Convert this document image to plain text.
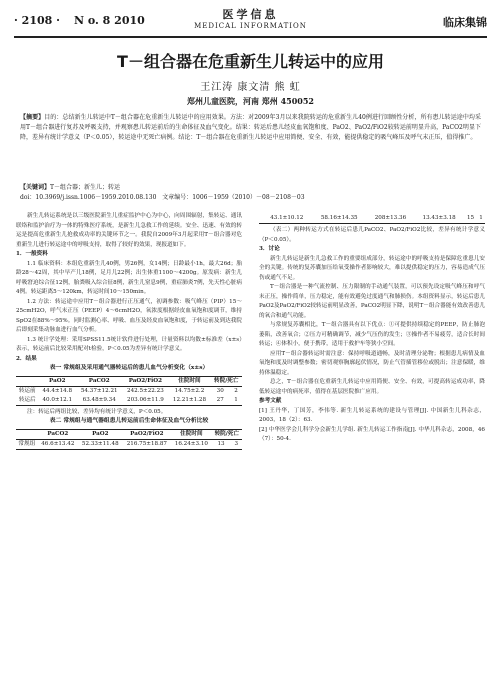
· 2108 · N o. 8 2010	医学信息
MEDICAL INFORMATION	临床集锦
T－组合器在危重新生儿转运中的应用
王江涛 康文清 熊 虹
郑州儿童医院，河南 郑州 450052
【摘要】目的：总结新生儿转运中T－组合器在危重新生儿转运中的应用效果。方法：对2009年3月以来我院转运的危重新生儿40例进行回顾性分析，所有患儿转运途中均采用T－组合器进行复苏及呼吸支持，并观察患儿转运前后的生命体征及血气变化。结果：转运后患儿经皮血氧饱和度、PaO2、PaO2/FiO2较转运前明显升高，PaCO2明显下降，差异有统计学意义（P＜0.05），转运途中无死亡病例。结论：T－组合器在危重新生儿转运中应用简便、安全、有效，能提供稳定的吸气峰压及呼气末正压，值得推广。
【关键词】T－组合器；新生儿；转运
doi：10.3969/j.issn.1006－1959.2010.08.130 文章编号：1006－1959（2010）－08－2108－03

新生儿转运系统是以三级医院新生儿重症监护中心为中心，向周围辐射，集转运、通讯联络和监护治疗为一体的特殊医疗系统，是新生儿急救工作的延续。安全、迅速、有效的转运是提高危重新生儿抢救成功率的关键环节之一。我院自2009年3月起采用T－组合器对危重新生儿进行转运途中的呼吸支持，取得了较好的效果，现报道如下。

1．一般资料

1.1 临床资料：本组危重新生儿40例，男26例，女14例；日龄最小1h，最大26d；胎龄28～42周，其中早产儿18例，足月儿22例；出生体重1100～4200g。原发病：新生儿呼吸窘迫综合征12例，胎粪吸入综合征8例，新生儿窒息9例，重症肺炎7例，先天性心脏病4例。转运距离5～120km，转运时间10～150min。

1.2 方法：转运途中应用T－组合器进行正压通气，初调参数：吸气峰压（PIP）15～25cmH2O，呼气末正压（PEEP）4～6cmH2O，氧浓度根据经皮血氧饱和度调节，维持SpO2在88%～95%。同时监测心率、呼吸、血压及经皮血氧饱和度，于转运前及到达我院后即刻采集动脉血进行血气分析。

1.3 统计学处理：采用SPSS11.5统计软件进行处理，计量资料以均数±标准差（x±s）表示，转运前后比较采用配对t检验，P＜0.05为差异有统计学意义。

2．结果

表一 常规组及采用通气器转运后的患儿血气分析变化（x±s）
	PaO2	PaCO2	PaO2/FiO2	住院时间	转院/死亡	
转运前	44.4±14.8	54.37±12.21	242.5±22.23	14.75±2.2	30	2
转运后	40.0±12.1	63.48±9.34	203.06±11.9	12.21±1.28	27	1

注：转运后两组比较，差异均有统计学意义，P＜0.05。

表二 常规组与通气器组患儿转运前后生命体征及血气分析比较
	PaCO2	PaO2	PaO2/FiO2	住院时间	转院/死亡	
常规组	46.6±13.42	52.33±11.48	216.75±18.87	16.24±3.10	13	3
	43.1±10.12	58.16±14.35	208±13.36	13.43±3.18	15	1

（表二）两种转运方式在转运后患儿PaCO2、PaO2/FiO2比较，差异有统计学意义（P＜0.05）。

3．讨论

新生儿转运是新生儿急救工作的重要组成部分，转运途中的呼吸支持是保障危重患儿安全的关键。传统的复苏囊加压给氧受操作者影响较大，难以提供稳定的压力，容易造成气压伤或通气不足。

T－组合器是一种气流控制、压力限制的手动通气装置，可以预先设定吸气峰压和呼气末正压，操作简单，压力稳定，能有效避免过度通气和肺损伤。本组资料显示，转运后患儿PaO2及PaO2/FiO2较转运前明显改善，PaCO2明显下降，说明T－组合器能有效改善患儿的氧合和通气功能。

与常规复苏囊相比，T－组合器具有以下优点：①可提供持续稳定的PEEP，防止肺泡萎陷，改善氧合；②压力可精确调节，减少气压伤的发生；③操作者不易疲劳，适合长时间转运；④体积小，便于携带，适用于救护车等狭小空间。

应用T－组合器转运时需注意：保持呼吸道通畅，及时清理分泌物；根据患儿病情及血氧饱和度及时调整参数；密切观察胸廓起伏情况，防止气管插管移位或脱出；注意保暖，维持体温稳定。

总之，T－组合器在危重新生儿转运中应用简便、安全、有效，可提高转运成功率，降低转运途中的病死率，值得在基层医院推广应用。

参考文献

[1] 王丹华，丁国芳，李伟等. 新生儿转运系统的建设与管理[J]. 中国新生儿科杂志，2003，18（2）：63.

[2] 中华医学会儿科学分会新生儿学组. 新生儿转运工作指南[J]. 中华儿科杂志，2008，46（7）：50-4.
